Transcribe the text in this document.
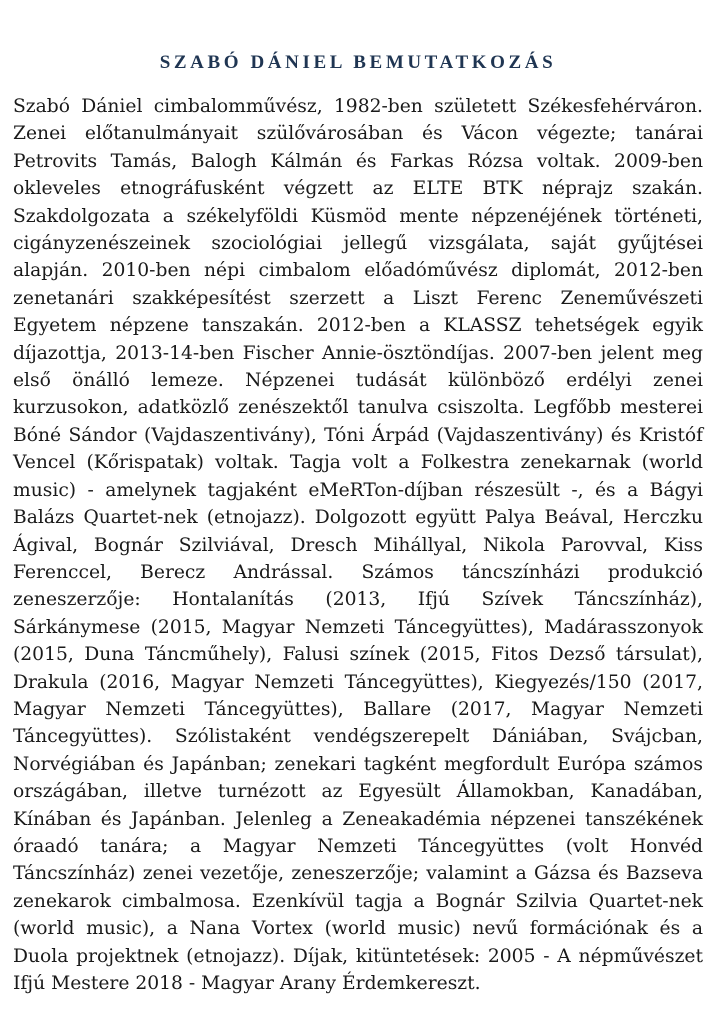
SZABÓ DÁNIEL BEMUTATKOZÁS

Szabó Dániel cimbalomművész, 1982-ben született Székesfehérváron. Zenei előtanulmányait szülővárosában és Vácon végezte; tanárai Petrovits Tamás, Balogh Kálmán és Farkas Rózsa voltak. 2009-ben okleveles etnográfusként végzett az ELTE BTK néprajz szakán. Szakdolgozata a székelyföldi Küsmöd mente népzenéjének történeti, cigányzenészeinek szociológiai jellegű vizsgálata, saját gyűjtései alapján. 2010-ben népi cimbalom előadóművész diplomát, 2012-ben zenetanári szakképesítést szerzett a Liszt Ferenc Zeneművészeti Egyetem népzene tanszakán. 2012-ben a KLASSZ tehetségek egyik díjazottja, 2013-14-ben Fischer Annie-ösztöndíjas. 2007-ben jelent meg első önálló lemeze. Népzenei tudását különböző erdélyi zenei kurzusokon, adatközlő zenészektől tanulva csiszolta. Legfőbb mesterei Bóné Sándor (Vajdaszentivány), Tóni Árpád (Vajdaszentivány) és Kristóf Vencel (Kőrispatak) voltak. Tagja volt a Folkestra zenekarnak (world music) - amelynek tagjaként eMeRTon-díjban részesült -, és a Bágyi Balázs Quartet-nek (etnojazz). Dolgozott együtt Palya Beával, Herczku Ágival, Bognár Szilviával, Dresch Mihállyal, Nikola Parovval, Kiss Ferenccel, Berecz Andrással. Számos táncszínházi produkció zeneszerzője: Hontalanítás (2013, Ifjú Szívek Táncszínház), Sárkánymese (2015, Magyar Nemzeti Táncegyüttes), Madárasszonyok (2015, Duna Táncműhely), Falusi színek (2015, Fitos Dezső társulat), Drakula (2016, Magyar Nemzeti Táncegyüttes), Kiegyezés/150 (2017, Magyar Nemzeti Táncegyüttes), Ballare (2017, Magyar Nemzeti Táncegyüttes). Szólistaként vendégszerepelt Dániában, Svájcban, Norvégiában és Japánban; zenekari tagként megfordult Európa számos országában, illetve turnézott az Egyesült Államokban, Kanadában, Kínában és Japánban. Jelenleg a Zeneakadémia népzenei tanszékének óraadó tanára; a Magyar Nemzeti Táncegyüttes (volt Honvéd Táncszínház) zenei vezetője, zeneszerzője; valamint a Gázsa és Bazseva zenekarok cimbalmosa. Ezenkívül tagja a Bognár Szilvia Quartet-nek (world music), a Nana Vortex (world music) nevű formációnak és a Duola projektnek (etnojazz). Díjak, kitüntetések: 2005 - A népművészet Ifjú Mestere 2018 - Magyar Arany Érdemkereszt.
